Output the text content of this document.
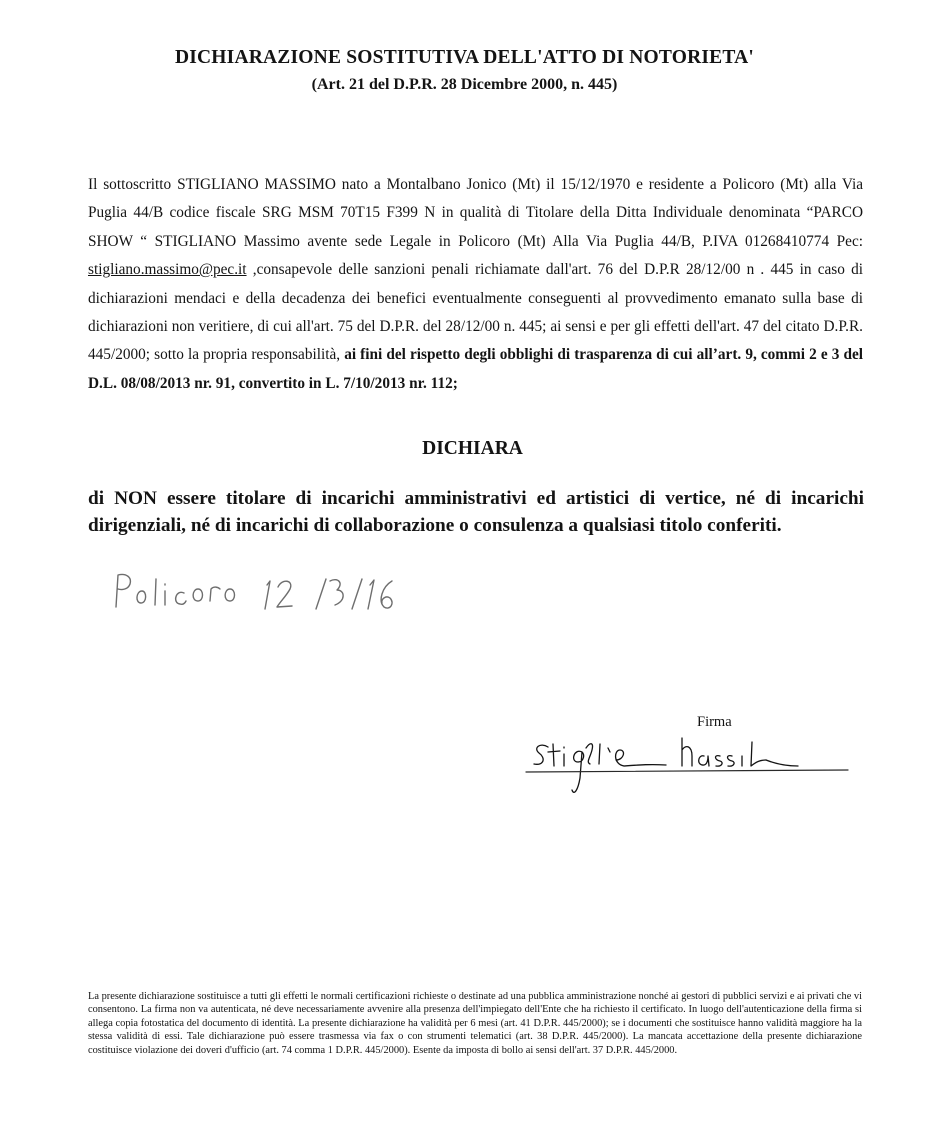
DICHIARAZIONE SOSTITUTIVA DELL'ATTO DI NOTORIETA'
(Art. 21 del D.P.R. 28 Dicembre 2000, n. 445)

Il sottoscritto STIGLIANO MASSIMO nato a Montalbano Jonico (Mt) il 15/12/1970 e residente a Policoro (Mt) alla Via Puglia 44/B codice fiscale SRG MSM 70T15 F399 N in qualità di Titolare della Ditta Individuale denominata “PARCO SHOW “ STIGLIANO Massimo avente sede Legale in Policoro (Mt) Alla Via Puglia 44/B, P.IVA 01268410774 Pec: stigliano.massimo@pec.it ,consapevole delle sanzioni penali richiamate dall'art. 76 del D.P.R 28/12/00 n . 445 in caso di dichiarazioni mendaci e della decadenza dei benefici eventualmente conseguenti al provvedimento emanato sulla base di dichiarazioni non veritiere, di cui all'art. 75 del D.P.R. del 28/12/00 n. 445; ai sensi e per gli effetti dell'art. 47 del citato D.P.R. 445/2000; sotto la propria responsabilità, ai fini del rispetto degli obblighi di trasparenza di cui all’art. 9, commi 2 e 3 del D.L. 08/08/2013 nr. 91, convertito in L. 7/10/2013 nr. 112;

DICHIARA

di NON essere titolare di incarichi amministrativi ed artistici di vertice, né di incarichi dirigenziali, né di incarichi di collaborazione o consulenza a qualsiasi titolo conferiti.

Firma

La presente dichiarazione sostituisce a tutti gli effetti le normali certificazioni richieste o destinate ad una pubblica amministrazione nonché ai gestori di pubblici servizi e ai privati che vi consentono. La firma non va autenticata, né deve necessariamente avvenire alla presenza dell'impiegato dell'Ente che ha richiesto il certificato. In luogo dell'autenticazione della firma si allega copia fotostatica del documento di identità. La presente dichiarazione ha validità per 6 mesi (art. 41 D.P.R. 445/2000); se i documenti che sostituisce hanno validità maggiore ha la stessa validità di essi. Tale dichiarazione può essere trasmessa via fax o con strumenti telematici (art. 38 D.P.R. 445/2000). La mancata accettazione della presente dichiarazione costituisce violazione dei doveri d'ufficio (art. 74 comma 1 D.P.R. 445/2000). Esente da imposta di bollo ai sensi dell'art. 37 D.P.R. 445/2000.
